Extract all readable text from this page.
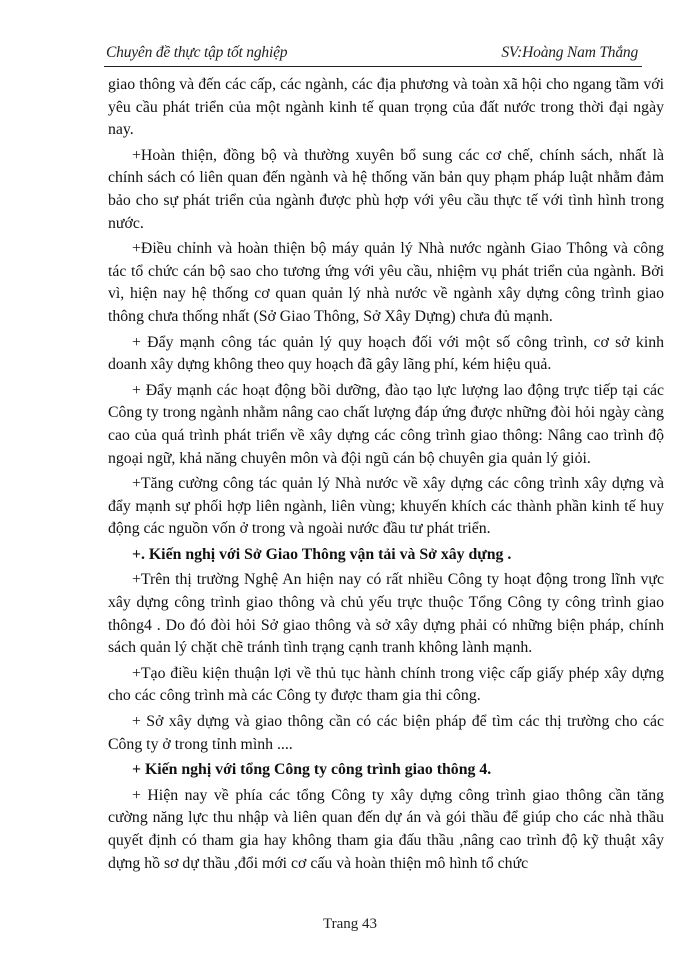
Chuyên đề thực tập tốt nghiệp	SV:Hoàng Nam Thắng

giao thông và đến các cấp, các ngành, các địa phương và toàn xã hội cho ngang tầm với yêu cầu phát triển của một ngành kinh tế quan trọng của đất nước trong thời đại ngày nay.

+Hoàn thiện, đồng bộ và thường xuyên bổ sung các cơ chế, chính sách, nhất là chính sách có liên quan đến ngành và hệ thống văn bản quy phạm pháp luật nhằm đảm bảo cho sự phát triển của ngành được phù hợp với yêu cầu thực tế với tình hình trong nước.

+Điều chỉnh và hoàn thiện bộ máy quản lý Nhà nước ngành Giao Thông và công tác tổ chức cán bộ sao cho tương ứng với yêu cầu, nhiệm vụ phát triển của ngành. Bởi vì, hiện nay hệ thống cơ quan quản lý nhà nước về ngành xây dựng công trình giao thông chưa thống nhất (Sở Giao Thông, Sở Xây Dựng) chưa đủ mạnh.

+ Đẩy mạnh công tác quản lý quy hoạch đối với một số công trình, cơ sở kinh doanh xây dựng không theo quy hoạch đã gây lãng phí, kém hiệu quả.

+ Đẩy mạnh các hoạt động bồi dưỡng, đào tạo lực lượng lao động trực tiếp tại các Công ty trong ngành nhằm nâng cao chất lượng đáp ứng được những đòi hỏi ngày càng cao của quá trình phát triển về xây dựng các công trình giao thông: Nâng cao trình độ ngoại ngữ, khả năng chuyên môn và đội ngũ cán bộ chuyên gia quản lý giỏi.

+Tăng cường công tác quản lý Nhà nước về xây dựng các công trình xây dựng và đẩy mạnh sự phối hợp liên ngành, liên vùng; khuyến khích các thành phần kinh tế huy động các nguồn vốn ở trong và ngoài nước đầu tư phát triển.

+. Kiến nghị với Sở Giao Thông vận tải và Sở xây dựng .

+Trên thị trường Nghệ An hiện nay có rất nhiều Công ty hoạt động trong lĩnh vực xây dựng công trình giao thông và chủ yếu trực thuộc Tổng Công ty công trình giao thông4 . Do đó đòi hỏi Sở giao thông và sở xây dựng phải có những biện pháp, chính sách quản lý chặt chẽ tránh tình trạng cạnh tranh không lành mạnh.

+Tạo điều kiện thuận lợi về thủ tục hành chính trong việc cấp giấy phép xây dựng cho các công trình mà các Công ty được tham gia thi công.

+ Sở xây dựng và giao thông cần có các biện pháp để tìm các thị trường cho các Công ty ở trong tỉnh mình ....

+ Kiến nghị với tổng Công ty công trình giao thông 4.

+ Hiện nay về phía các tổng Công ty xây dựng công trình giao thông cần tăng cường năng lực thu nhập và liên quan đến dự án và gói thầu để giúp cho các nhà thầu quyết định có tham gia hay không tham gia đấu thầu ,nâng cao trình độ kỹ thuật xây dựng hồ sơ dự thầu ,đổi mới cơ cấu và hoàn thiện mô hình tổ chức

Trang 43
